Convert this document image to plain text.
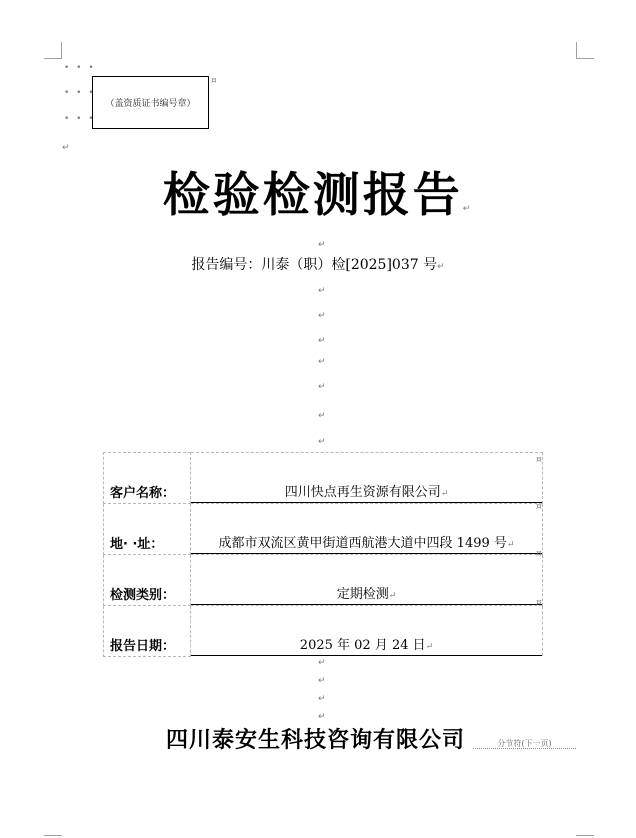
• • •
• • •
• • •
（盖资质证书编号章）
¤
↵
检验检测报告↵
↵
报告编号：川泰（职）检[2025]037 号↵
↵
↵
↵
↵
↵
↵
↵
客户名称：	四川快点再生资源有限公司↵

地· ·址：	成都市双流区黄甲街道西航港大道中四段 1499 号↵

检测类别：	定期检测↵

报告日期：	2025 年 02 月 24 日↵
¤
¤
¤
¤
↵
↵
↵
↵
四川泰安生科技咨询有限公司	分节符(下一页)
